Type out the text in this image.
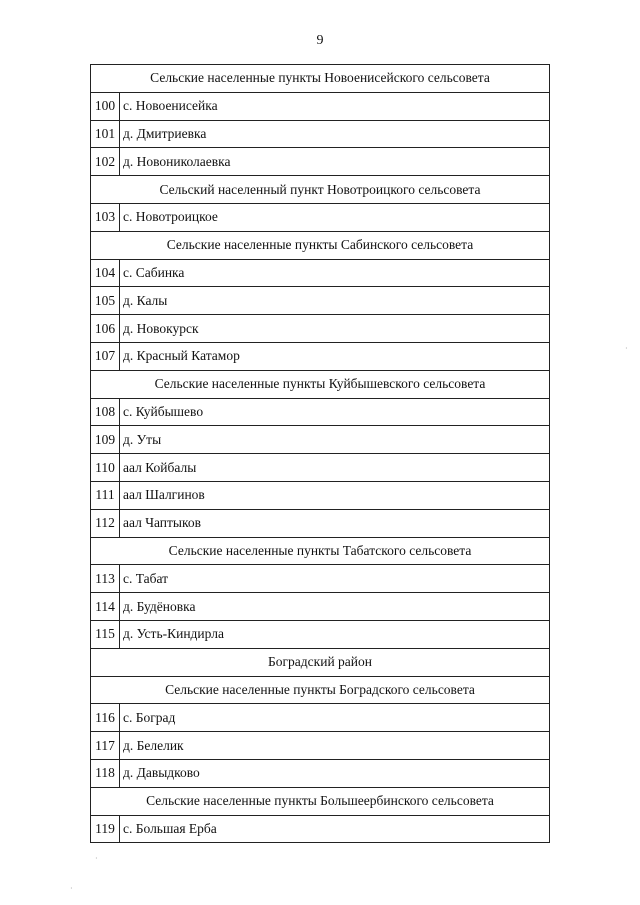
9
Сельские населенные пункты Новоенисейского сельсовета	
100	с. Новоенисейка
101	д. Дмитриевка
102	д. Новониколаевка
Сельский населенный пункт Новотроицкого сельсовета	
103	с. Новотроицкое
Сельские населенные пункты Сабинского сельсовета	
104	с. Сабинка
105	д. Калы
106	д. Новокурск
107	д. Красный Катамор
Сельские населенные пункты Куйбышевского сельсовета	
108	с. Куйбышево
109	д. Уты
110	аал Койбалы
111	аал Шалгинов
112	аал Чаптыков
Сельские населенные пункты Табатского сельсовета	
113	с. Табат
114	д. Будёновка
115	д. Усть-Киндирла
Боградский район	
Сельские населенные пункты Боградского сельсовета	
116	с. Боград
117	д. Белелик
118	д. Давыдково
Сельские населенные пункты Большеербинского сельсовета	
119	с. Большая Ерба
·
·
·
